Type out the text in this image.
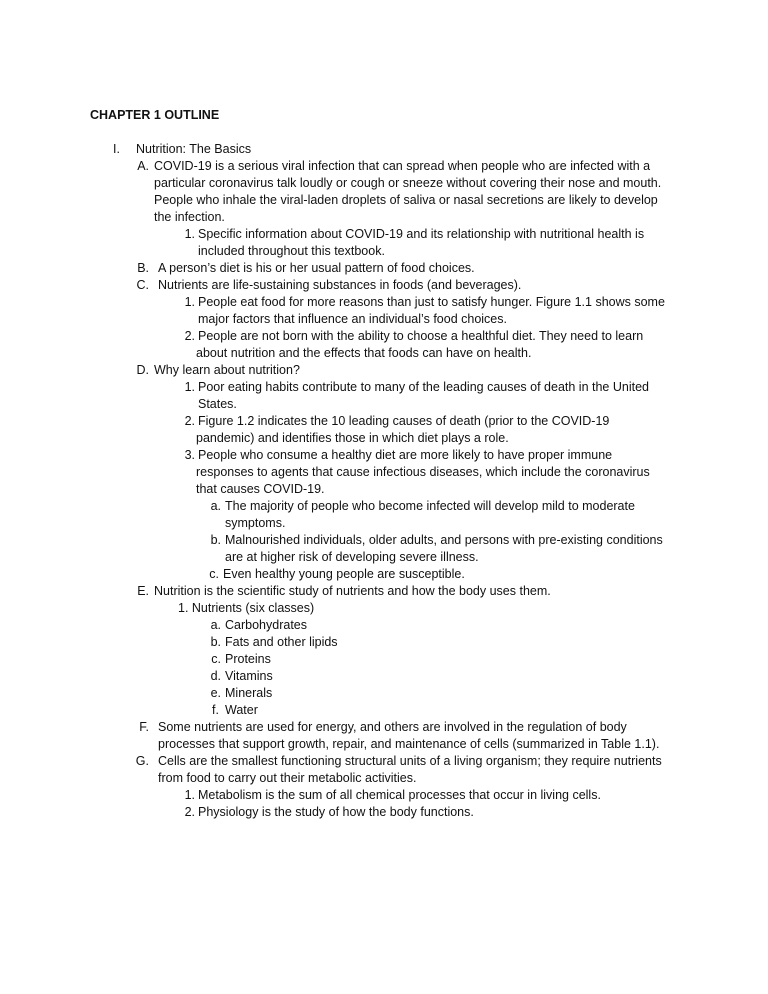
CHAPTER 1 OUTLINE
I. Nutrition: The Basics
A. COVID-19 is a serious viral infection that can spread when people who are infected with a
particular coronavirus talk loudly or cough or sneeze without covering their nose and mouth.
People who inhale the viral-laden droplets of saliva or nasal secretions are likely to develop
the infection.
1. Specific information about COVID-19 and its relationship with nutritional health is
included throughout this textbook.
B. A person’s diet is his or her usual pattern of food choices.
C. Nutrients are life-sustaining substances in foods (and beverages).
1. People eat food for more reasons than just to satisfy hunger. Figure 1.1 shows some
major factors that influence an individual’s food choices.
2. People are not born with the ability to choose a healthful diet. They need to learn
about nutrition and the effects that foods can have on health.
D. Why learn about nutrition?
1. Poor eating habits contribute to many of the leading causes of death in the United
States.
2. Figure 1.2 indicates the 10 leading causes of death (prior to the COVID-19
pandemic) and identifies those in which diet plays a role.
3. People who consume a healthy diet are more likely to have proper immune
responses to agents that cause infectious diseases, which include the coronavirus
that causes COVID-19.
a. The majority of people who become infected will develop mild to moderate
symptoms.
b. Malnourished individuals, older adults, and persons with pre-existing conditions
are at higher risk of developing severe illness.
c. Even healthy young people are susceptible.
E. Nutrition is the scientific study of nutrients and how the body uses them.
1. Nutrients (six classes)
a. Carbohydrates
b. Fats and other lipids
c. Proteins
d. Vitamins
e. Minerals
f. Water
F. Some nutrients are used for energy, and others are involved in the regulation of body
processes that support growth, repair, and maintenance of cells (summarized in Table 1.1).
G. Cells are the smallest functioning structural units of a living organism; they require nutrients
from food to carry out their metabolic activities.
1. Metabolism is the sum of all chemical processes that occur in living cells.
2. Physiology is the study of how the body functions.
